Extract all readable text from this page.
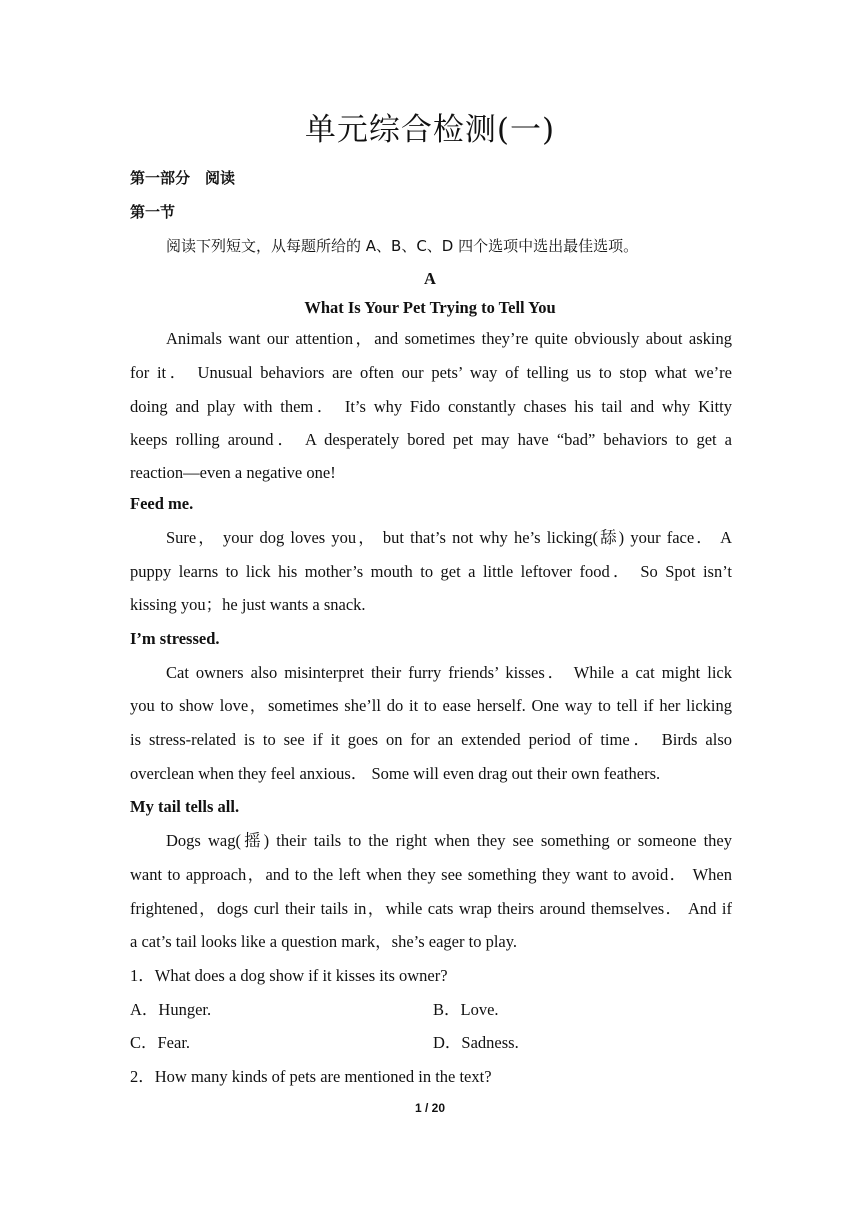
单元综合检测(一)
第一部分　阅读
第一节
阅读下列短文，从每题所给的 A、B、C、D 四个选项中选出最佳选项。
A
What Is Your Pet Trying to Tell You
Animals want our attention，and sometimes they’re quite obviously about asking
for it． Unusual behaviors are often our pets’ way of telling us to stop what we’re
doing and play with them． It’s why Fido constantly chases his tail and why Kitty
keeps rolling around． A desperately bored pet may have “bad” behaviors to get a
reaction—even a negative one!
Feed me.
Sure， your dog loves you， but that’s not why he’s licking(舔) your face． A
puppy learns to lick his mother’s mouth to get a little leftover food． So Spot isn’t
kissing you；he just wants a snack.
I’m stressed.
Cat owners also misinterpret their furry friends’ kisses． While a cat might lick
you to show love，sometimes she’ll do it to ease herself. One way to tell if her licking
is stress-related is to see if it goes on for an extended period of time． Birds also
overclean when they feel anxious． Some will even drag out their own feathers.
My tail tells all.
Dogs wag(摇) their tails to the right when they see something or someone they
want to approach，and to the left when they see something they want to avoid． When
frightened，dogs curl their tails in，while cats wrap theirs around themselves． And if
a cat’s tail looks like a question mark，she’s eager to play.
1．What does a dog show if it kisses its owner?
A．Hunger.	B．Love.
C．Fear.	D．Sadness.
2．How many kinds of pets are mentioned in the text?
1 / 20
